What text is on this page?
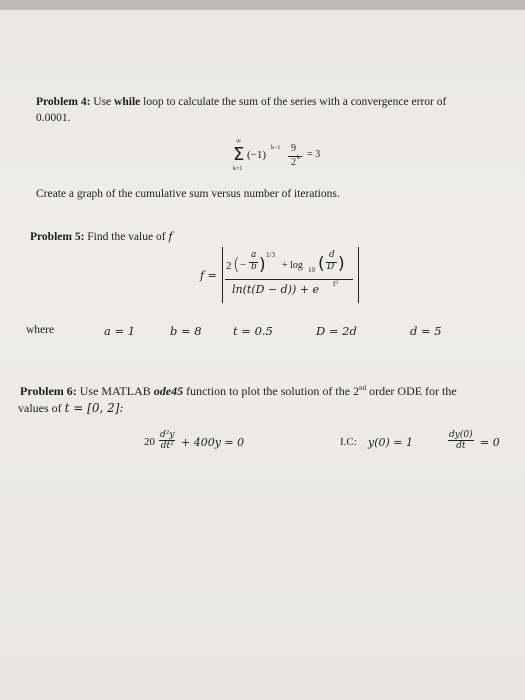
Problem 4: Use while loop to calculate the sum of the series with a convergence error of
0.0001.
∞
Σ
k=1
(−1)
k−1 9
2 k = 3
Create a graph of the cumulative sum versus number of iterations.
Problem 5: Find the value of f
f =
2 ( −
a
b ) 1/3
+ log 10 ( d
D )
ln(t(D − d)) + e t²
where	a = 1	b = 8	t = 0.5	D = 2d	d = 5
Problem 6: Use MATLAB ode45 function to plot the solution of the 2nd order ODE for the
values of t = [0, 2]:
$20 \frac{\text{d²y}}{\text{dt²}} + 400y = 0$	I.C: y(0) = 1	$\frac{dy(0)}{dt} = 0$
